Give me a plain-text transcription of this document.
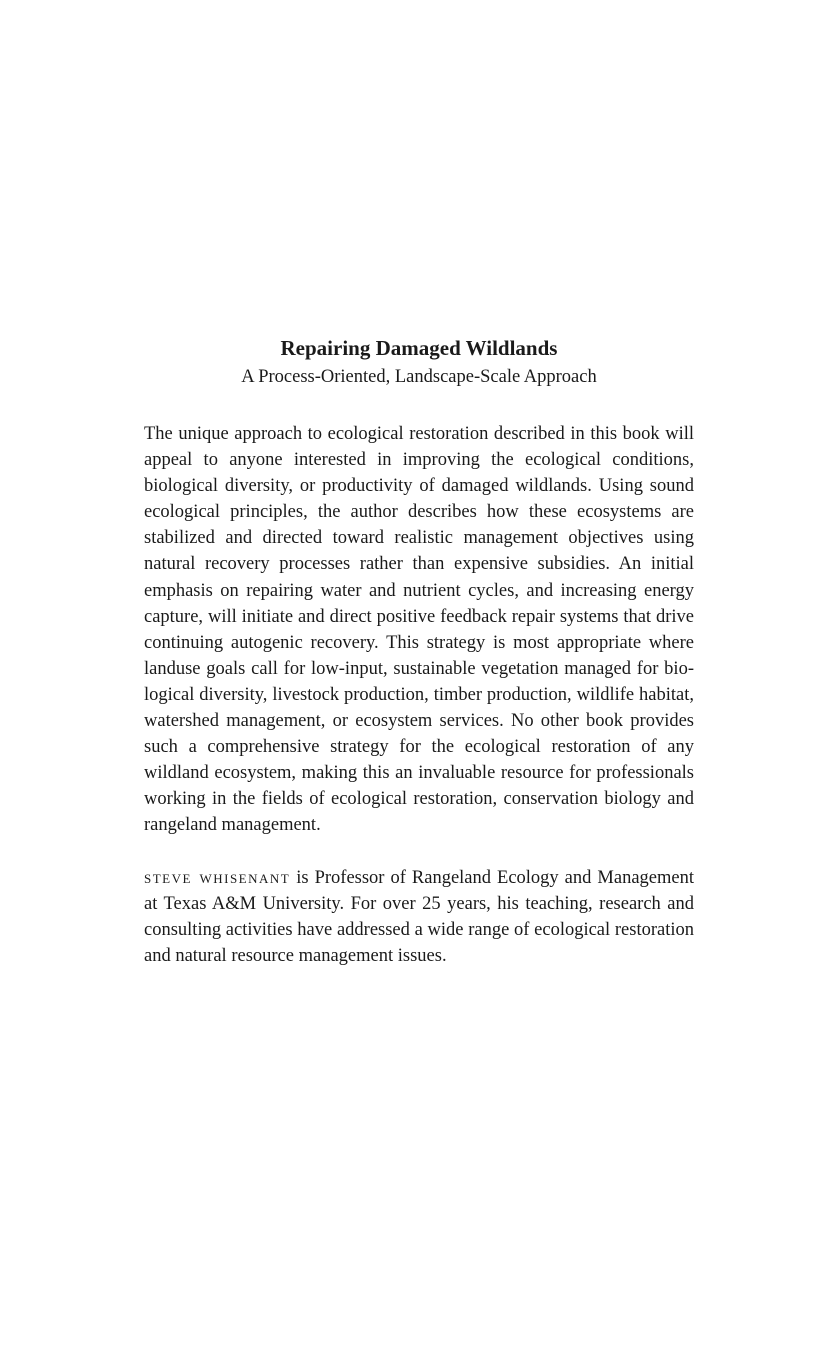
Repairing Damaged Wildlands

A Process-Oriented, Landscape-Scale Approach

The unique approach to ecological restoration described in this book will appeal to anyone interested in improving the ecological conditions, biological diversity, or productivity of damaged wildlands. Using sound ecological principles, the author describes how these ecosystems are stabilized and directed toward realistic management objectives using natural recovery processes rather than expensive subsidies. An initial emphasis on repairing water and nutrient cycles, and increasing energy capture, will initiate and direct positive feedback repair systems that drive continuing autogenic recovery. This strategy is most appropriate where landuse goals call for low-input, sustainable vegetation managed for biological diversity, livestock production, timber production, wildlife habitat, watershed management, or ecosystem services. No other book provides such a comprehensive strategy for the ecological restoration of any wildland ecosystem, making this an invaluable resource for professionals working in the fields of ecological restoration, conservation biology and rangeland management.

steve whisenant is Professor of Rangeland Ecology and Management at Texas A&M University. For over 25 years, his teaching, research and consulting activities have addressed a wide range of ecological restoration and natural resource management issues.
